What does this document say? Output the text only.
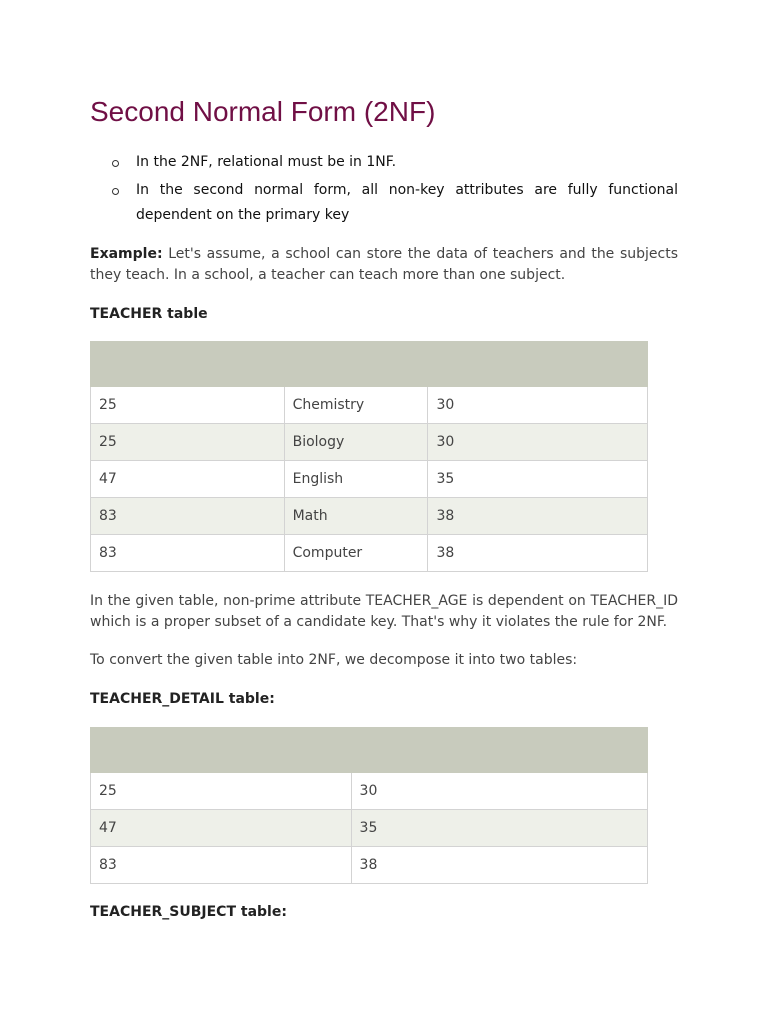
Second Normal Form (2NF)
In the 2NF, relational must be in 1NF.
In the second normal form, all non-key attributes are fully functional dependent on the primary key

Example: Let's assume, a school can store the data of teachers and the subjects they teach. In a school, a teacher can teach more than one subject.

TEACHER table

25	Chemistry	30
25	Biology	30
47	English	35
83	Math	38
83	Computer	38

In the given table, non-prime attribute TEACHER_AGE is dependent on TEACHER_ID which is a proper subset of a candidate key. That's why it violates the rule for 2NF.

To convert the given table into 2NF, we decompose it into two tables:

TEACHER_DETAIL table:

25	30
47	35
83	38
TEACHER_SUBJECT table:
